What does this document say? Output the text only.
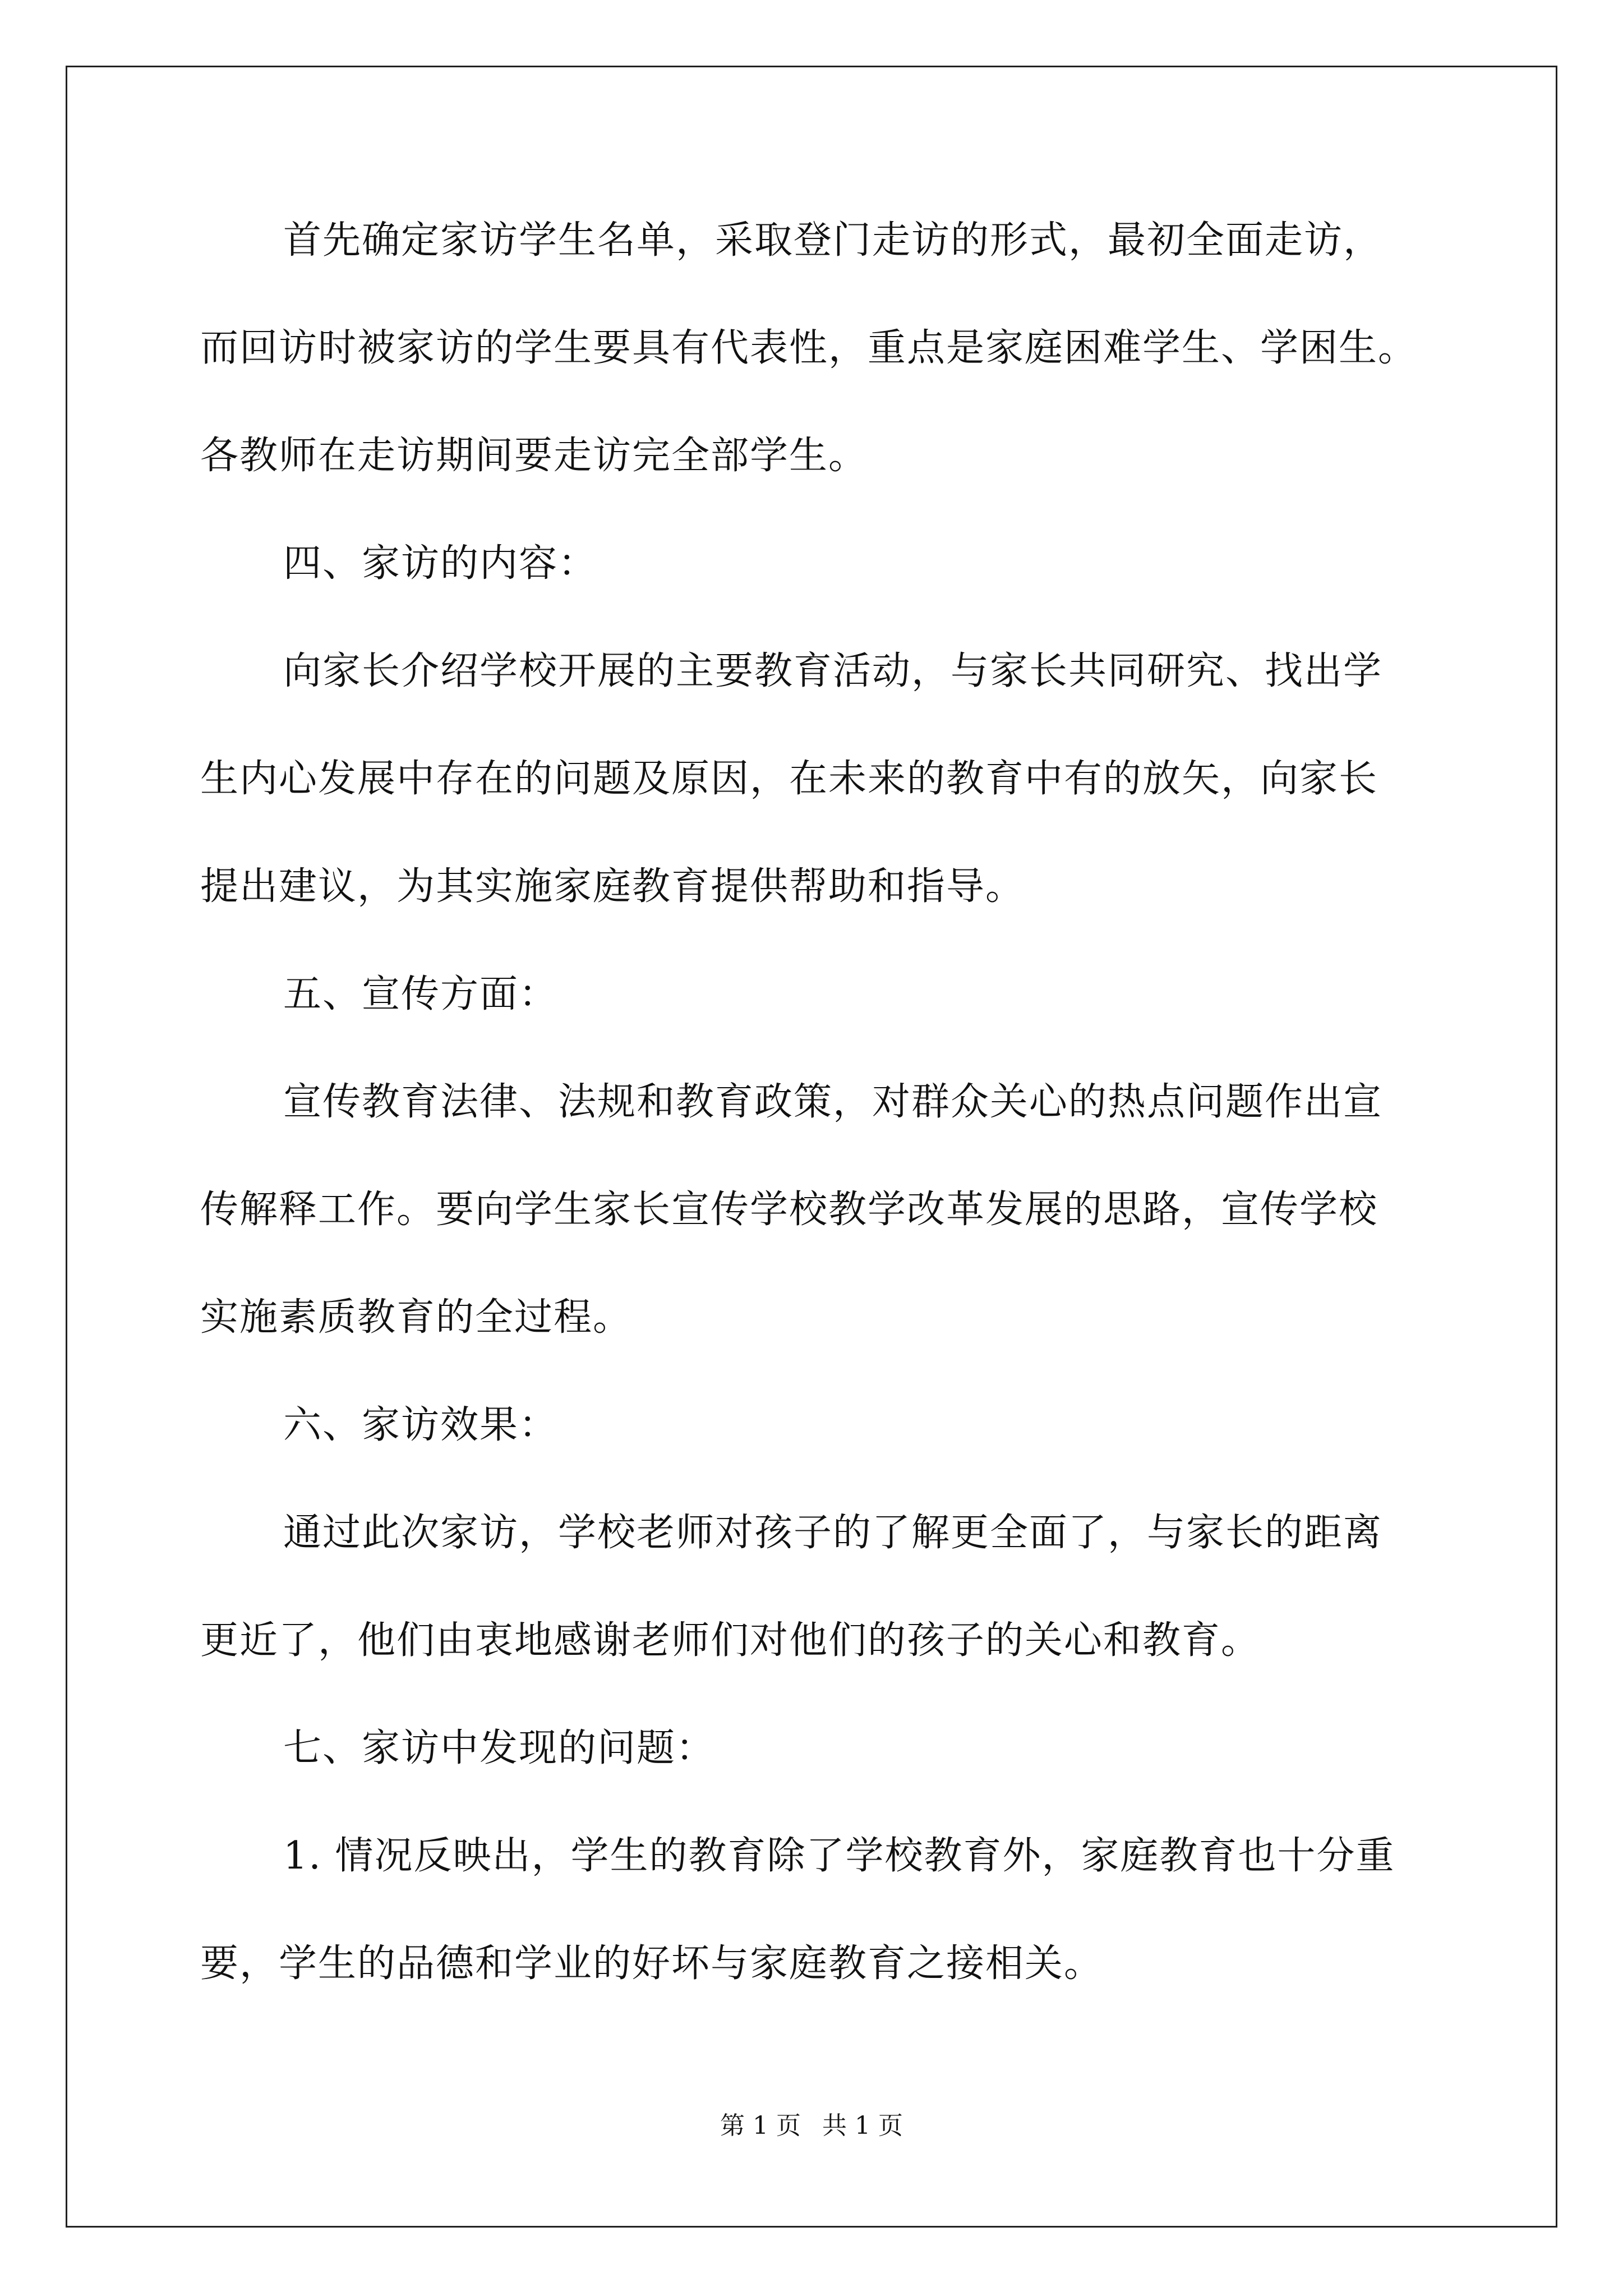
首先确定家访学生名单，采取登门走访的形式，最初全面走访，
而回访时被家访的学生要具有代表性，重点是家庭困难学生、学困生。
各教师在走访期间要走访完全部学生。
四、家访的内容：
向家长介绍学校开展的主要教育活动，与家长共同研究、找出学
生内心发展中存在的问题及原因，在未来的教育中有的放矢，向家长
提出建议，为其实施家庭教育提供帮助和指导。
五、宣传方面：
宣传教育法律、法规和教育政策，对群众关心的热点问题作出宣
传解释工作。要向学生家长宣传学校教学改革发展的思路，宣传学校
实施素质教育的全过程。
六、家访效果：
通过此次家访，学校老师对孩子的了解更全面了，与家长的距离
更近了，他们由衷地感谢老师们对他们的孩子的关心和教育。
七、家访中发现的问题：
1. 情况反映出，学生的教育除了学校教育外，家庭教育也十分重
要，学生的品德和学业的好坏与家庭教育之接相关。
第 1 页 共 1 页
